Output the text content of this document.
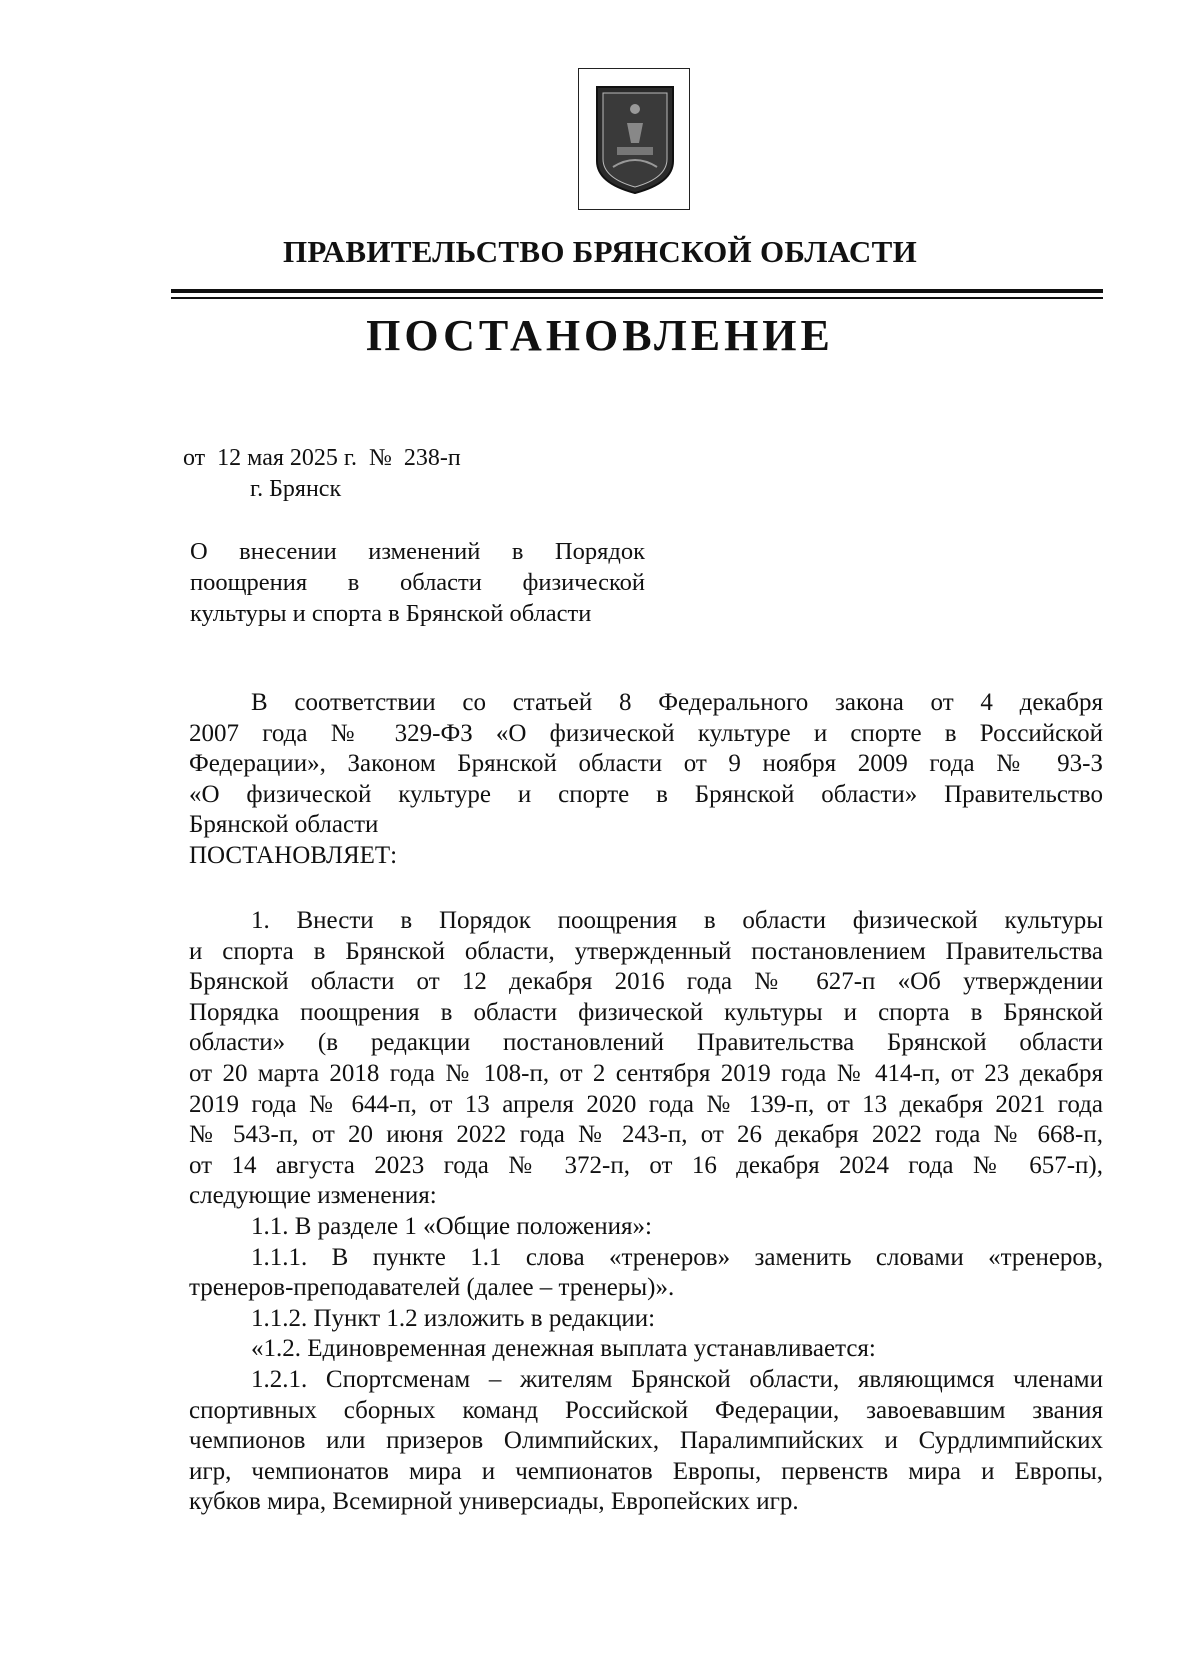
ПРАВИТЕЛЬСТВО БРЯНСКОЙ ОБЛАСТИ
ПОСТАНОВЛЕНИЕ
от  12 мая 2025 г.  №  238-п
г. Брянск
О внесении изменений в Порядок
поощрения в области физической
культуры и спорта в Брянской области
В соответствии со статьей 8 Федерального закона от 4 декабря
2007 года № 329-ФЗ «О физической культуре и спорте в Российской
Федерации», Законом Брянской области от 9 ноября 2009 года № 93-З
«О физической культуре и спорте в Брянской области» Правительство
Брянской области
ПОСТАНОВЛЯЕТ:
1. Внести в Порядок поощрения в области физической культуры
и спорта в Брянской области, утвержденный постановлением Правительства
Брянской области от 12 декабря 2016 года № 627-п «Об утверждении
Порядка поощрения в области физической культуры и спорта в Брянской
области» (в редакции постановлений Правительства Брянской области
от 20 марта 2018 года № 108-п, от 2 сентября 2019 года № 414-п, от 23 декабря
2019 года № 644-п, от 13 апреля 2020 года № 139-п, от 13 декабря 2021 года
№ 543-п, от 20 июня 2022 года № 243-п, от 26 декабря 2022 года № 668-п,
от 14 августа 2023 года № 372-п, от 16 декабря 2024 года № 657-п),
следующие изменения:
1.1. В разделе 1 «Общие положения»:
1.1.1. В пункте 1.1 слова «тренеров» заменить словами «тренеров,
тренеров-преподавателей (далее – тренеры)».
1.1.2. Пункт 1.2 изложить в редакции:
«1.2. Единовременная денежная выплата устанавливается:
1.2.1. Спортсменам – жителям Брянской области, являющимся членами
спортивных сборных команд Российской Федерации, завоевавшим звания
чемпионов или призеров Олимпийских, Паралимпийских и Сурдлимпийских
игр, чемпионатов мира и чемпионатов Европы, первенств мира и Европы,
кубков мира, Всемирной универсиады, Европейских игр.
